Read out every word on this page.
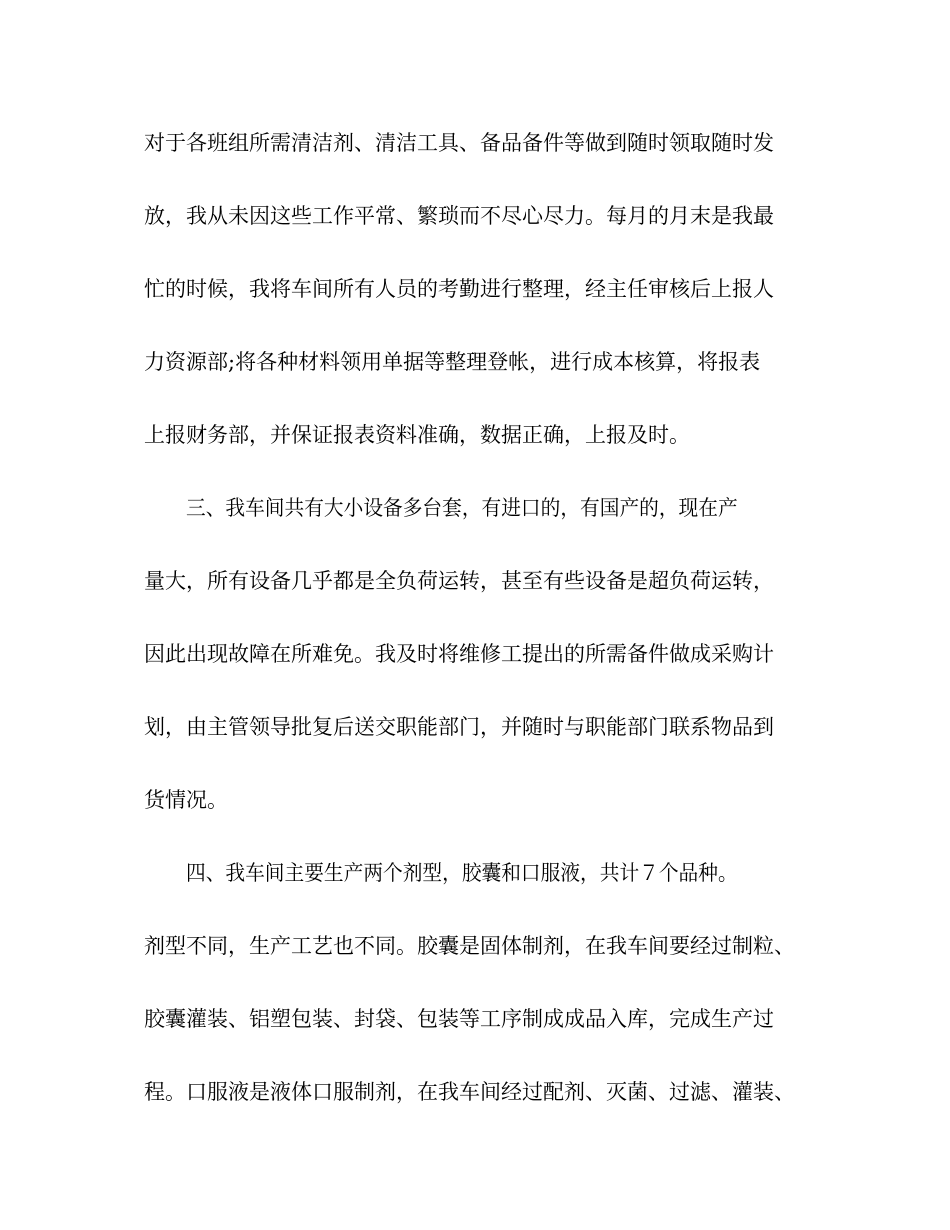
对于各班组所需清洁剂、清洁工具、备品备件等做到随时领取随时发
放，我从未因这些工作平常、繁琐而不尽心尽力。每月的月末是我最
忙的时候，我将车间所有人员的考勤进行整理，经主任审核后上报人
力资源部;将各种材料领用单据等整理登帐，进行成本核算，将报表
上报财务部，并保证报表资料准确，数据正确，上报及时。
三、我车间共有大小设备多台套，有进口的，有国产的，现在产
量大，所有设备几乎都是全负荷运转，甚至有些设备是超负荷运转，
因此出现故障在所难免。我及时将维修工提出的所需备件做成采购计
划，由主管领导批复后送交职能部门，并随时与职能部门联系物品到
货情况。
四、我车间主要生产两个剂型，胶囊和口服液，共计７个品种。
剂型不同，生产工艺也不同。胶囊是固体制剂，在我车间要经过制粒、
胶囊灌装、铝塑包装、封袋、包装等工序制成成品入库，完成生产过
程。口服液是液体口服制剂，在我车间经过配剂、灭菌、过滤、灌装、
